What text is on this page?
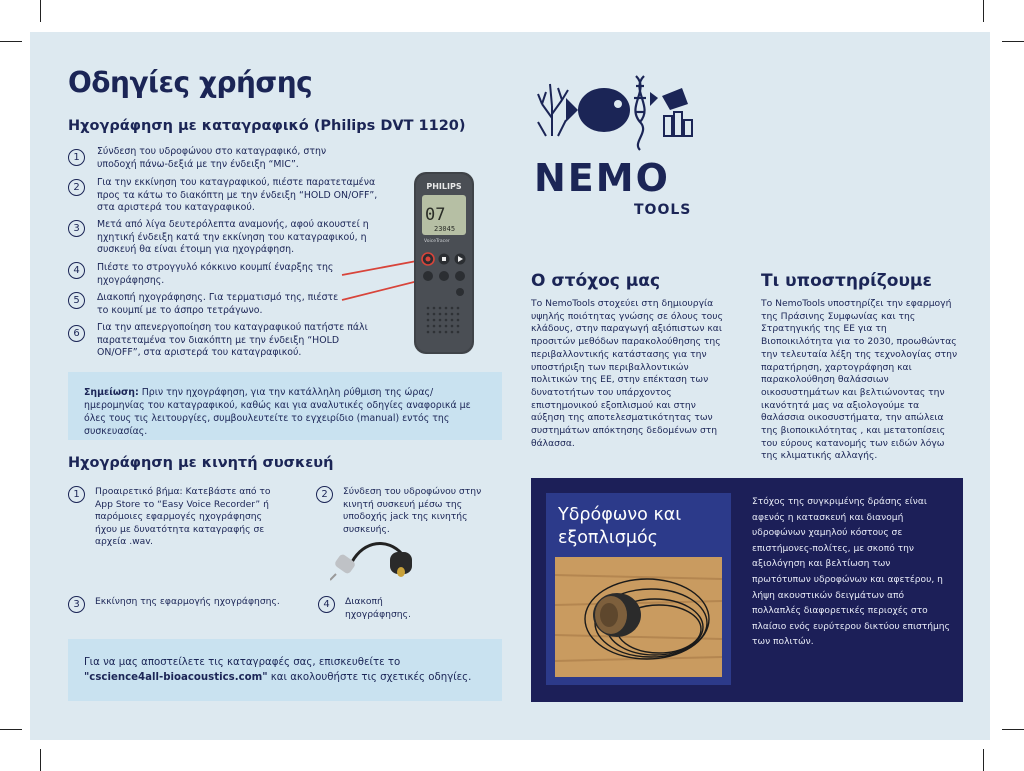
Οδηγίες χρήσης
Ηχογράφηση με καταγραφικό (Philips DVT 1120)
1
Σύνδεση του υδροφώνου στο καταγραφικό, στην υποδοχή πάνω-δεξιά με την ένδειξη “MIC”.
2	Για την εκκίνηση του καταγραφικού, πιέστε παρατεταμένα προς τα κάτω το διακόπτη με την ένδειξη “HOLD ON/OFF”, στα αριστερά του καταγραφικού.
3	Μετά από λίγα δευτερόλεπτα αναμονής, αφού ακουστεί η ηχητική ένδειξη κατά την εκκίνηση του καταγραφικού, η συσκευή θα είναι έτοιμη για ηχογράφηση.
4	Πιέστε το στρογγυλό κόκκινο κουμπί έναρξης της ηχογράφησης.
5	Διακοπή ηχογράφησης. Για τερματισμό της, πιέστε το κουμπί με το άσπρο τετράγωνο.
6
Για την απενεργοποίηση του καταγραφικού πατήστε πάλι παρατεταμένα τον διακόπτη με την ένδειξη “HOLD ON/OFF”, στα αριστερά του καταγραφικού.
PHILIPS
07
23045
VoiceTracer
Σημείωση: Πριν την ηχογράφηση, για την κατάλληλη ρύθμιση της ώρας/ημερομηνίας του καταγραφικού, καθώς και για αναλυτικές οδηγίες αναφορικά με όλες τους τις λειτουργίες, συμβουλευτείτε το εγχειρίδιο (manual) εντός της συσκευασίας.
Ηχογράφηση με κινητή συσκευή
1	Προαιρετικό βήμα: Κατεβάστε από το App Store το “Easy Voice Recorder” ή παρόμοιες εφαρμογές ηχογράφησης ήχου με δυνατότητα καταγραφής σε αρχεία .wav.
2	Σύνδεση του υδροφώνου στην κινητή συσκευή μέσω της υποδοχής jack της κινητής συσκευής.
3	Εκκίνηση της εφαρμογής ηχογράφησης.	4	Διακοπή ηχογράφησης.
Για να μας αποστείλετε τις καταγραφές σας, επισκευθείτε το
"cscience4all-bioacoustics.com" και ακολουθήστε τις σχετικές οδηγίες.
NEMO
TOOLS
Ο στόχος μας
Το NemoTools στοχεύει στη δημιουργία υψηλής ποιότητας γνώσης σε όλους τους κλάδους, στην παραγωγή αξιόπιστων και προσιτών μεθόδων παρακολούθησης της περιβαλλοντικής κατάστασης για την υποστήριξη των περιβαλλοντικών πολιτικών της ΕΕ, στην επέκταση των δυνατοτήτων του υπάρχοντος επιστημονικού εξοπλισμού και στην αύξηση της αποτελεσματικότητας των συστημάτων απόκτησης δεδομένων στη θάλασσα.
Τι υποστηρίζουμε
Το NemoTools υποστηρίζει την εφαρμογή της Πράσινης Συμφωνίας και της Στρατηγικής της ΕΕ για τη Βιοποικιλότητα για το 2030, προωθώντας την τελευταία λέξη της τεχνολογίας στην παρατήρηση, χαρτογράφηση και παρακολούθηση θαλάσσιων οικοσυστημάτων και βελτιώνοντας την ικανότητά μας να αξιολογούμε τα θαλάσσια οικοσυστήματα, την απώλεια της βιοποικιλότητας , και μετατοπίσεις του εύρους κατανομής των ειδών λόγω της κλιματικής αλλαγής.
Υδρόφωνο και εξοπλισμός
Στόχος της συγκριμένης δράσης είναι αφενός η κατασκευή και διανομή υδροφώνων χαμηλού κόστους σε επιστήμονες-πολίτες, με σκοπό την αξιολόγηση και βελτίωση των πρωτότυπων υδροφώνων και αφετέρου, η λήψη ακουστικών δειγμάτων από πολλαπλές διαφορετικές περιοχές στο πλαίσιο ενός ευρύτερου δικτύου επιστήμης των πολιτών.
